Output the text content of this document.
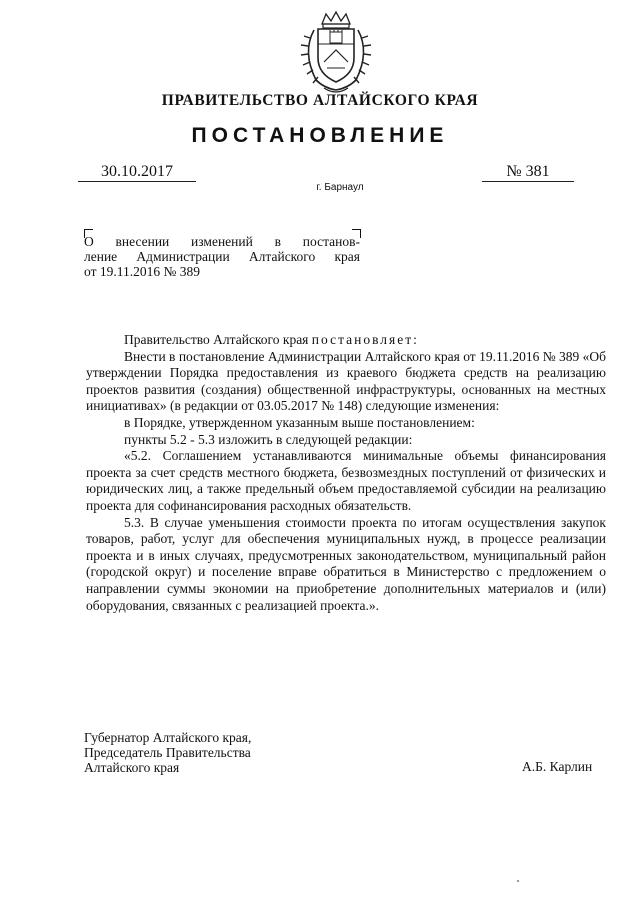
ПРАВИТЕЛЬСТВО АЛТАЙСКОГО КРАЯ
ПОСТАНОВЛЕНИЕ
30.10.2017	№ 381
г. Барнаул
О внесении изменений в постанов-
ление Администрации Алтайского края
от 19.11.2016 № 389

Правительство Алтайского края постановляет:

Внести в постановление Администрации Алтайского края от 19.11.2016 № 389 «Об утверждении Порядка предоставления из краевого бюджета средств на реализацию проектов развития (создания) общественной инфраструктуры, основанных на местных инициативах» (в редакции от 03.05.2017 № 148) следующие изменения:

в Порядке, утвержденном указанным выше постановлением:

пункты 5.2 - 5.3 изложить в следующей редакции:

«5.2. Соглашением устанавливаются минимальные объемы финансирования проекта за счет средств местного бюджета, безвозмездных поступлений от физических и юридических лиц, а также предельный объем предоставляемой субсидии на реализацию проекта для софинансирования расходных обязательств.

5.3. В случае уменьшения стоимости проекта по итогам осуществления закупок товаров, работ, услуг для обеспечения муниципальных нужд, в процессе реализации проекта и в иных случаях, предусмотренных законодательством, муниципальный район (городской округ) и поселение вправе обратиться в Министерство с предложением о направлении суммы экономии на приобретение дополнительных материалов и (или) оборудования, связанных с реализацией проекта.».

Губернатор Алтайского края,
Председатель Правительства
Алтайского края	А.Б. Карлин
